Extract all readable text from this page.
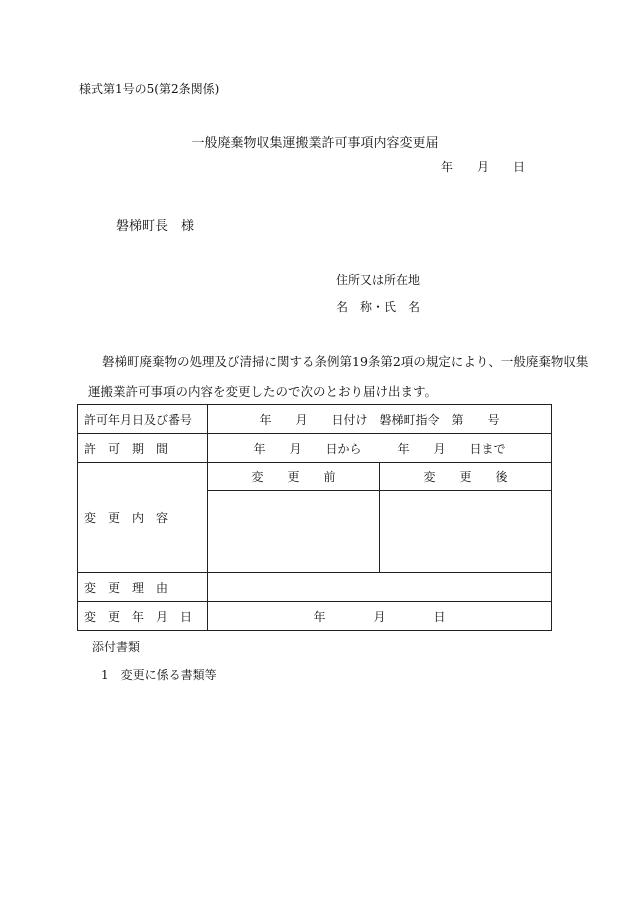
様式第1号の5(第2条関係)
一般廃棄物収集運搬業許可事項内容変更届
年 月 日
磐梯町長　様
住所又は所在地
名　称・氏　名
磐梯町廃棄物の処理及び清掃に関する条例第19条第2項の規定により、一般廃棄物収集
運搬業許可事項の内容を変更したので次のとおり届け出ます。
許可年月日及び番号	年　　月　　日付け　磐梯町指令　第　　号	
許　可　期　間	年　　月　　日から　　　年　　月　　日まで	
変　更　内　容	変　　更　　前	変　　更　　後

変　更　理　由		
変　更　年　月　日	年　　　　月　　　　日	
添付書類
1　変更に係る書類等
